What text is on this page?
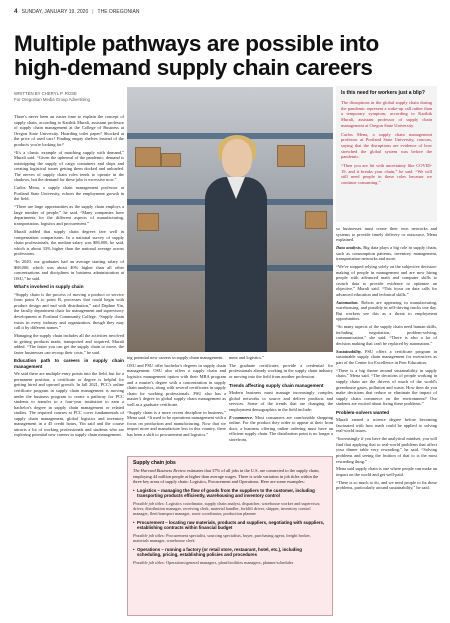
4 SUNDAY, JANUARY 19, 2020 | THE OREGONIAN
Multiple pathways are possible into high-demand supply chain careers
WRITTEN BY CHERYL P. ROSE
For Oregonian Media Group Advertising

There's never been an easier time to explain the concept of supply chain, according to Karthik Murali, assistant professor of supply chain management at the College of Business at Oregon State University. Hoarding toilet paper? Shocked at the price of used cars? Finding empty shelves instead of the products you're looking for?

“It's a classic example of matching supply with demand,” Murali said. “Given the upheaval of the pandemic, demand is outstripping the supply of cargo containers and ships and creating logistical issues getting them docked and unloaded. The nerves of supply chain roles tends to operate in the shadows, but the demand for these jobs is excessive now.”

Carlos Mena, a supply chain management professor at Portland State University, echoes the employment growth in the field.

“There are large opportunities as the supply chain employs a large number of people,” he said. “Many companies have departments for the different aspects of manufacturing, transportation, logistics and procurement.”

Murali added that supply chain degrees fare well in compensation comparisons. In a national survey of supply chain professionals, the median salary was $86,000, he said, which is about 33% higher than the national average across professions.

“In 2020, our graduates had an average starting salary of $68,000, which was about 40% higher than all other concentrations and disciplines in business administration at OSU,” he said.

What's involved in supply chain

“Supply chain is the process of moving a product or service from point A to point B, processes that could begin with product design and end with distribution,” said Daphne Yin, the faculty department chair for management and supervisory development at Portland Community College. “Supply chain exists in every industry and organization, though they may call it by different names.”

Managing the supply chain includes all the activities involved in getting products made, transported and acquired, Murali added. “The faster you can get the supply chain to move, the faster businesses can recoup their costs,” he said.

Education path to careers in supply chain management

We said there are multiple entry points into the field, but for a permanent position, a certificate or degree is helpful for getting hired and upward growth. In fall 2021, PCC's online certificate program in supply chain management is moving under the business program to create a pathway for PCC students to transfer to a four-year institution to earn a bachelor's degree in supply chain management or related studies. The required courses at PCC cover fundamentals of supply chain management, global logistics and inventory management in a 45 credit hours, Yin said and the course attracts a lot of working professionals and students who are exploring potential new careers in supply chain management.

Is this need for workers just a blip?

The disruptions in the global supply chain during the pandemic represent a wake-up call rather than a temporary symptom, according to Karthik Murali, assistant professor of supply chain management at Oregon State University.

Carlos Mena, a supply chain management professor at Portland State University, concurs, saying that the disruptions are evidence of how stretched the global system was before the pandemic.

“Then you are hit with uncertainty like COVID-19, and it breaks your chain,” he said. “We will still need people in these roles because we continue consuming.”

ing potential new careers in supply chain management.

OSU and PSU offer bachelor's degrees in supply chain management. OSU also offers a supply chain and logistics management option with their MBA program and a master's degree with a concentration in supply chain analytics, along with several certificates in supply chain for working professionals. PSU also has a master's degree in global supply chain management as well as a graduate certificate.

“Supply chain is a more recent discipline in business,” Mena said. “It used to be operations management with a focus on production and manufacturing. Now that we import more and manufacture less in this country, there has been a shift to procurement and logistics.”

ment and logistics.”

The graduate certificates provide a credential for professionals already working in the supply chain industry or moving into the field from another profession.

Trends affecting supply chain management

Modern business must manage increasingly complex global networks to source and deliver products and services. Some of the trends that are changing the employment demographics in the field include:

E-commerce. Most consumers are comfortable shopping online. For the product they order to appear at their front door, a business offering online ordering must have an efficient supply chain. The distribution point is no longer a storefront,

so businesses must create their own networks and systems to provide timely delivery or outsource, Mena explained.

Data analysis. Big data plays a big role in supply chain, such as consumption patterns, inventory management, transportation networks and more.

“We've stopped relying solely on the subjective decision-making of people in management and are now hiring people with advanced math and computer skills to crunch data to provide evidence to optimize an objective,” Murali said. “This focus on data calls for advanced education and technical skills.”

Automation. Robots are appearing in manufacturing, warehousing, and possibly in self-driving trucks one day. But workers see this as a threat to employment opportunities.

“So many aspects of the supply chain need human skills, including negotiation, problem-solving, communication,” she said. “There is also a lot of decision making that can't be replaced by automation.”

Sustainability. PSU offers a certificate program in sustainable supply chain management for executives as part of the Center for Excellence in Peer Education.

“There is a big theme around sustainability in supply chain,” Mena said. “The decisions of people working in supply chain are the drivers of much of the world's greenhouse gases, pollution and waste. How then do you make decisions that reduce or eliminate the impact of supply chain commerce on the environment? Our students are excited about fixing these problems.”

Problem-solvers wanted

Murali earned a science degree before becoming fascinated with how math could be applied to solving real-world issues.

“Increasingly if you have the analytical mindset, you will find that applying that to real-world problems that affect your dinner table very rewarding,” he said. “Solving problems and seeing the fruition of that to is the most rewarding thing.”

Mena said supply chain is one where people can make an impact on the world and get well-paid.

“There is so much to do, and we need people to fix these problems, particularly around sustainability,” he said.

Supply chain jobs
The Harvard Business Review estimates that 37% of all jobs in the U.S. are connected to the supply chain, employing 44 million people at higher than average wages. There is wide variation in job titles within the three key areas of supply chain: Logistics, Procurement and Operations. Here are some examples:
• Logistics – managing the flow of goods from the suppliers to the customer, including transporting products efficiently, warehousing and inventory control
Possible job titles: Logistics coordinator, supply chain analyst, dispatcher, warehouse worker and supervisor, driver, distribution manager, receiving clerk, material handler, forklift driver, shipper, inventory control manager, fleet/transport manager, route coordinator, production planner
• Procurement – locating raw materials, products and suppliers, negotiating with suppliers, establishing contracts within financial budget
Possible job titles: Procurement specialist, sourcing specialists, buyer, purchasing agent, freight broker, materials manager, warehouse clerk
• Operations – running a factory (or retail store, restaurant, hotel, etc.), including scheduling, pricing, establishing policies and procedures
Possible job titles: Operations/general managers, plant/facilities managers, planner/scheduler
